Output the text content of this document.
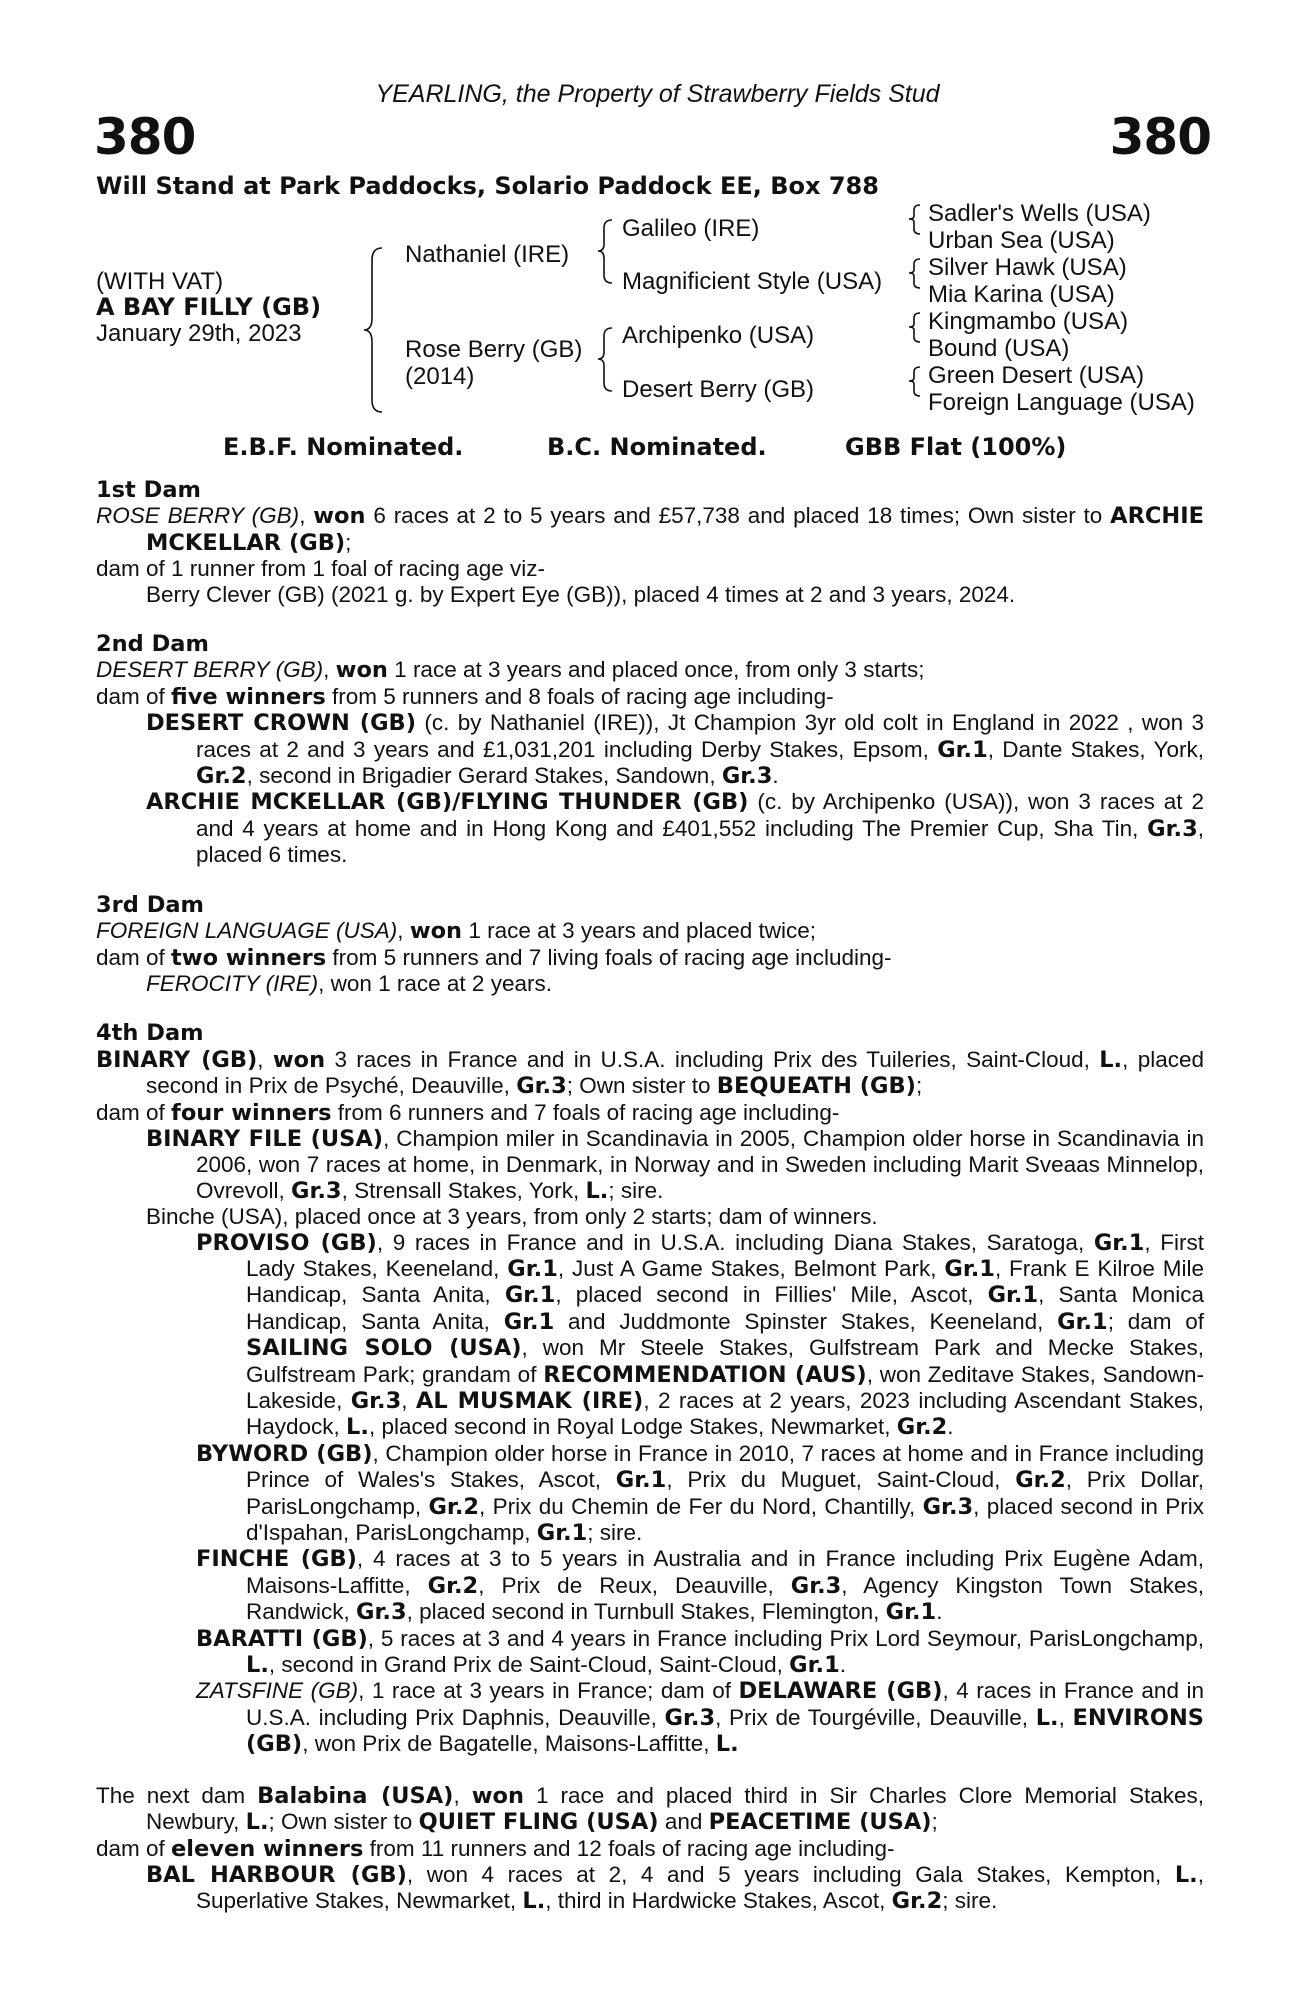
YEARLING, the Property of Strawberry Fields Stud
380	380
Will Stand at Park Paddocks, Solario Paddock EE, Box 788
(WITH VAT)
A BAY FILLY (GB)
January 29th, 2023
Nathaniel (IRE)
Rose Berry (GB)
(2014)
Galileo (IRE)
Magnificient Style (USA)
Archipenko (USA)
Desert Berry (GB)
Sadler's Wells (USA)
Urban Sea (USA)
Silver Hawk (USA)
Mia Karina (USA)
Kingmambo (USA)
Bound (USA)
Green Desert (USA)
Foreign Language (USA)
E.B.F. Nominated.	B.C. Nominated.	GBB Flat (100%)
1st Dam

ROSE BERRY (GB), won 6 races at 2 to 5 years and £57,738 and placed 18 times; Own sister to ARCHIE MCKELLAR (GB);

dam of 1 runner from 1 foal of racing age viz-

Berry Clever (GB) (2021 g. by Expert Eye (GB)), placed 4 times at 2 and 3 years, 2024.

2nd Dam

DESERT BERRY (GB), won 1 race at 3 years and placed once, from only 3 starts;

dam of five winners from 5 runners and 8 foals of racing age including-

DESERT CROWN (GB) (c. by Nathaniel (IRE)), Jt Champion 3yr old colt in England in 2022 , won 3 races at 2 and 3 years and £1,031,201 including Derby Stakes, Epsom, Gr.1, Dante Stakes, York, Gr.2, second in Brigadier Gerard Stakes, Sandown, Gr.3.

ARCHIE MCKELLAR (GB)/FLYING THUNDER (GB) (c. by Archipenko (USA)), won 3 races at 2 and 4 years at home and in Hong Kong and £401,552 including The Premier Cup, Sha Tin, Gr.3, placed 6 times.

3rd Dam

FOREIGN LANGUAGE (USA), won 1 race at 3 years and placed twice;

dam of two winners from 5 runners and 7 living foals of racing age including-

FEROCITY (IRE), won 1 race at 2 years.

4th Dam

BINARY (GB), won 3 races in France and in U.S.A. including Prix des Tuileries, Saint-Cloud, L., placed second in Prix de Psyché, Deauville, Gr.3; Own sister to BEQUEATH (GB);

dam of four winners from 6 runners and 7 foals of racing age including-

BINARY FILE (USA), Champion miler in Scandinavia in 2005, Champion older horse in Scandinavia in 2006, won 7 races at home, in Denmark, in Norway and in Sweden including Marit Sveaas Minnelop, Ovrevoll, Gr.3, Strensall Stakes, York, L.; sire.

Binche (USA), placed once at 3 years, from only 2 starts; dam of winners.

PROVISO (GB), 9 races in France and in U.S.A. including Diana Stakes, Saratoga, Gr.1, First Lady Stakes, Keeneland, Gr.1, Just A Game Stakes, Belmont Park, Gr.1, Frank E Kilroe Mile Handicap, Santa Anita, Gr.1, placed second in Fillies' Mile, Ascot, Gr.1, Santa Monica Handicap, Santa Anita, Gr.1 and Juddmonte Spinster Stakes, Keeneland, Gr.1; dam of SAILING SOLO (USA), won Mr Steele Stakes, Gulfstream Park and Mecke Stakes, Gulfstream Park; grandam of RECOMMENDATION (AUS), won Zeditave Stakes, Sandown-Lakeside, Gr.3, AL MUSMAK (IRE), 2 races at 2 years, 2023 including Ascendant Stakes, Haydock, L., placed second in Royal Lodge Stakes, Newmarket, Gr.2.

BYWORD (GB), Champion older horse in France in 2010, 7 races at home and in France including Prince of Wales's Stakes, Ascot, Gr.1, Prix du Muguet, Saint-Cloud, Gr.2, Prix Dollar, ParisLongchamp, Gr.2, Prix du Chemin de Fer du Nord, Chantilly, Gr.3, placed second in Prix d'Ispahan, ParisLongchamp, Gr.1; sire.

FINCHE (GB), 4 races at 3 to 5 years in Australia and in France including Prix Eugène Adam, Maisons-Laffitte, Gr.2, Prix de Reux, Deauville, Gr.3, Agency Kingston Town Stakes, Randwick, Gr.3, placed second in Turnbull Stakes, Flemington, Gr.1.

BARATTI (GB), 5 races at 3 and 4 years in France including Prix Lord Seymour, ParisLongchamp, L., second in Grand Prix de Saint-Cloud, Saint-Cloud, Gr.1.

ZATSFINE (GB), 1 race at 3 years in France; dam of DELAWARE (GB), 4 races in France and in U.S.A. including Prix Daphnis, Deauville, Gr.3, Prix de Tourgéville, Deauville, L., ENVIRONS (GB), won Prix de Bagatelle, Maisons-Laffitte, L.

The next dam Balabina (USA), won 1 race and placed third in Sir Charles Clore Memorial Stakes, Newbury, L.; Own sister to QUIET FLING (USA) and PEACETIME (USA);

dam of eleven winners from 11 runners and 12 foals of racing age including-

BAL HARBOUR (GB), won 4 races at 2, 4 and 5 years including Gala Stakes, Kempton, L., Superlative Stakes, Newmarket, L., third in Hardwicke Stakes, Ascot, Gr.2; sire.
